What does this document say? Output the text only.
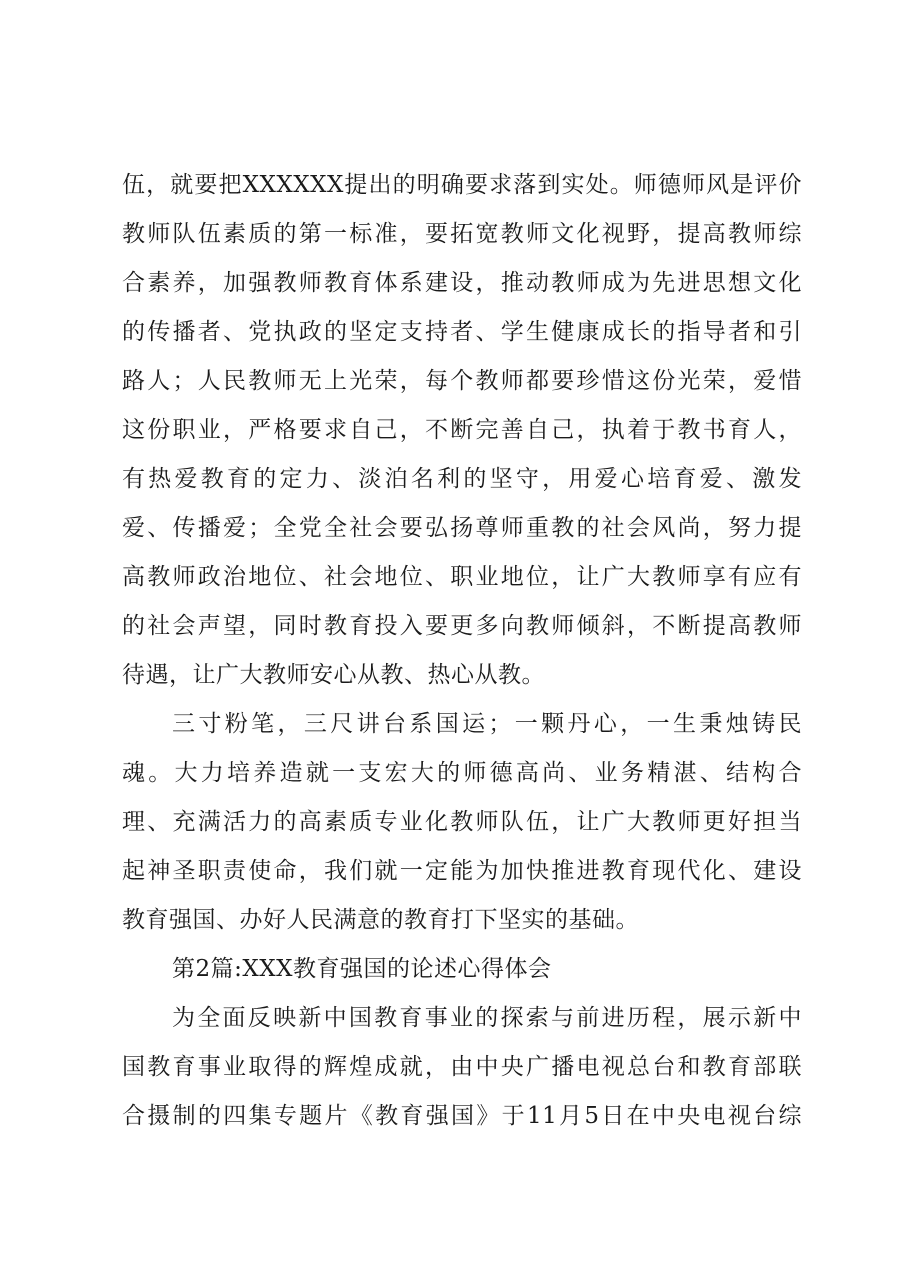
伍，就要把XXXXXX提出的明确要求落到实处。师德师风是评价
教师队伍素质的第一标准，要拓宽教师文化视野，提高教师综
合素养，加强教师教育体系建设，推动教师成为先进思想文化
的传播者、党执政的坚定支持者、学生健康成长的指导者和引
路人；人民教师无上光荣，每个教师都要珍惜这份光荣，爱惜
这份职业，严格要求自己，不断完善自己，执着于教书育人，
有热爱教育的定力、淡泊名利的坚守，用爱心培育爱、激发
爱、传播爱；全党全社会要弘扬尊师重教的社会风尚，努力提
高教师政治地位、社会地位、职业地位，让广大教师享有应有
的社会声望，同时教育投入要更多向教师倾斜，不断提高教师
待遇，让广大教师安心从教、热心从教。
三寸粉笔，三尺讲台系国运；一颗丹心，一生秉烛铸民
魂。大力培养造就一支宏大的师德高尚、业务精湛、结构合
理、充满活力的高素质专业化教师队伍，让广大教师更好担当
起神圣职责使命，我们就一定能为加快推进教育现代化、建设
教育强国、办好人民满意的教育打下坚实的基础。
第2篇:XXX教育强国的论述心得体会
为全面反映新中国教育事业的探索与前进历程，展示新中
国教育事业取得的辉煌成就，由中央广播电视总台和教育部联
合摄制的四集专题片《教育强国》于11月5日在中央电视台综
